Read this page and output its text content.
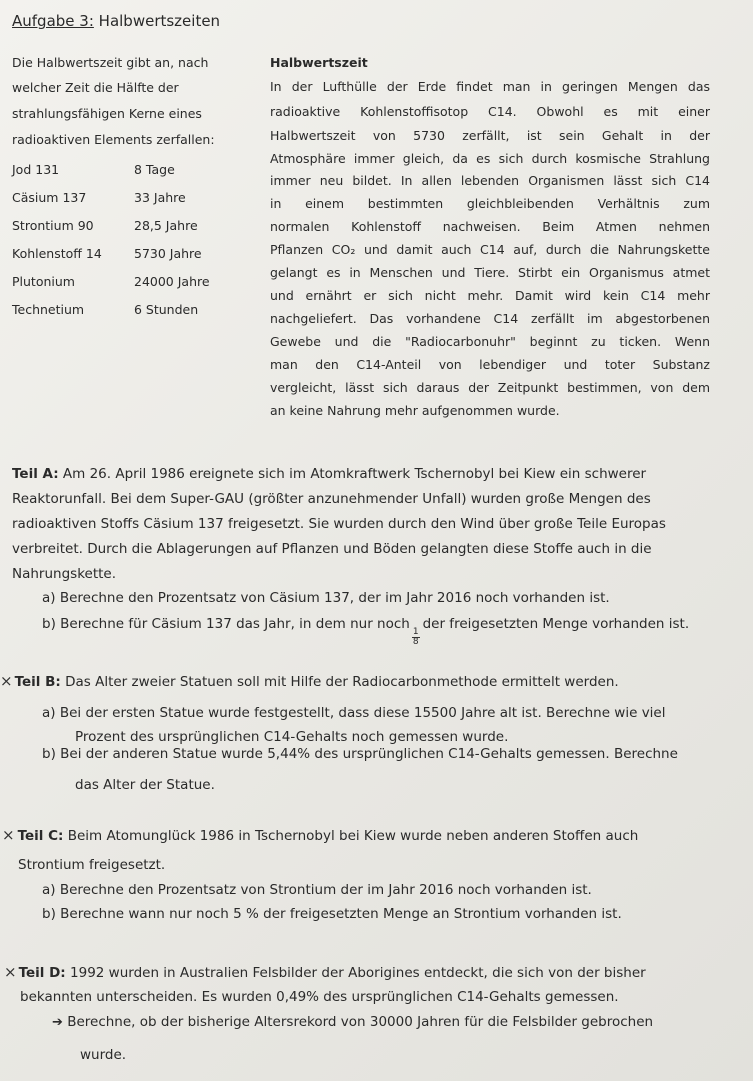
Aufgabe 3: Halbwertszeiten
Die Halbwertszeit gibt an, nach
welcher Zeit die Hälfte der
strahlungsfähigen Kerne eines
radioaktiven Elements zerfallen:
Jod 131	8 Tage
Cäsium 137	33 Jahre
Strontium 90	28,5 Jahre
Kohlenstoff 14	5730 Jahre
Plutonium	24000 Jahre
Technetium	6 Stunden
Halbwertszeit
In der Lufthülle der Erde findet man in geringen Mengen das
radioaktive Kohlenstoffisotop C14. Obwohl es mit einer
Halbwertszeit von 5730 zerfällt, ist sein Gehalt in der
Atmosphäre immer gleich, da es sich durch kosmische Strahlung
immer neu bildet. In allen lebenden Organismen lässt sich C14
in einem bestimmten gleichbleibenden Verhältnis zum
normalen Kohlenstoff nachweisen. Beim Atmen nehmen
Pflanzen CO₂ und damit auch C14 auf, durch die Nahrungskette
gelangt es in Menschen und Tiere. Stirbt ein Organismus atmet
und ernährt er sich nicht mehr. Damit wird kein C14 mehr
nachgeliefert. Das vorhandene C14 zerfällt im abgestorbenen
Gewebe und die "Radiocarbonuhr" beginnt zu ticken. Wenn
man den C14-Anteil von lebendiger und toter Substanz
vergleicht, lässt sich daraus der Zeitpunkt bestimmen, von dem
an keine Nahrung mehr aufgenommen wurde.
Teil A: Am 26. April 1986 ereignete sich im Atomkraftwerk Tschernobyl bei Kiew ein schwerer
Reaktorunfall. Bei dem Super-GAU (größter anzunehmender Unfall) wurden große Mengen des
radioaktiven Stoffs Cäsium 137 freigesetzt. Sie wurden durch den Wind über große Teile Europas
verbreitet. Durch die Ablagerungen auf Pflanzen und Böden gelangten diese Stoffe auch in die
Nahrungskette.
a) Berechne den Prozentsatz von Cäsium 137, der im Jahr 2016 noch vorhanden ist.
b) Berechne für Cäsium 137 das Jahr, in dem nur noch
$\frac{1}{8}$
der freigesetzten Menge vorhanden ist.
× Teil B: Das Alter zweier Statuen soll mit Hilfe der Radiocarbonmethode ermittelt werden.
a) Bei der ersten Statue wurde festgestellt, dass diese 15500 Jahre alt ist. Berechne wie viel
Prozent des ursprünglichen C14-Gehalts noch gemessen wurde.
b) Bei der anderen Statue wurde 5,44% des ursprünglichen C14-Gehalts gemessen. Berechne
das Alter der Statue.
× Teil C: Beim Atomunglück 1986 in Tschernobyl bei Kiew wurde neben anderen Stoffen auch
Strontium freigesetzt.
a) Berechne den Prozentsatz von Strontium der im Jahr 2016 noch vorhanden ist.
b) Berechne wann nur noch 5 % der freigesetzten Menge an Strontium vorhanden ist.
× Teil D: 1992 wurden in Australien Felsbilder der Aborigines entdeckt, die sich von der bisher
bekannten unterscheiden. Es wurden 0,49% des ursprünglichen C14-Gehalts gemessen.
➔ Berechne, ob der bisherige Altersrekord von 30000 Jahren für die Felsbilder gebrochen
wurde.
